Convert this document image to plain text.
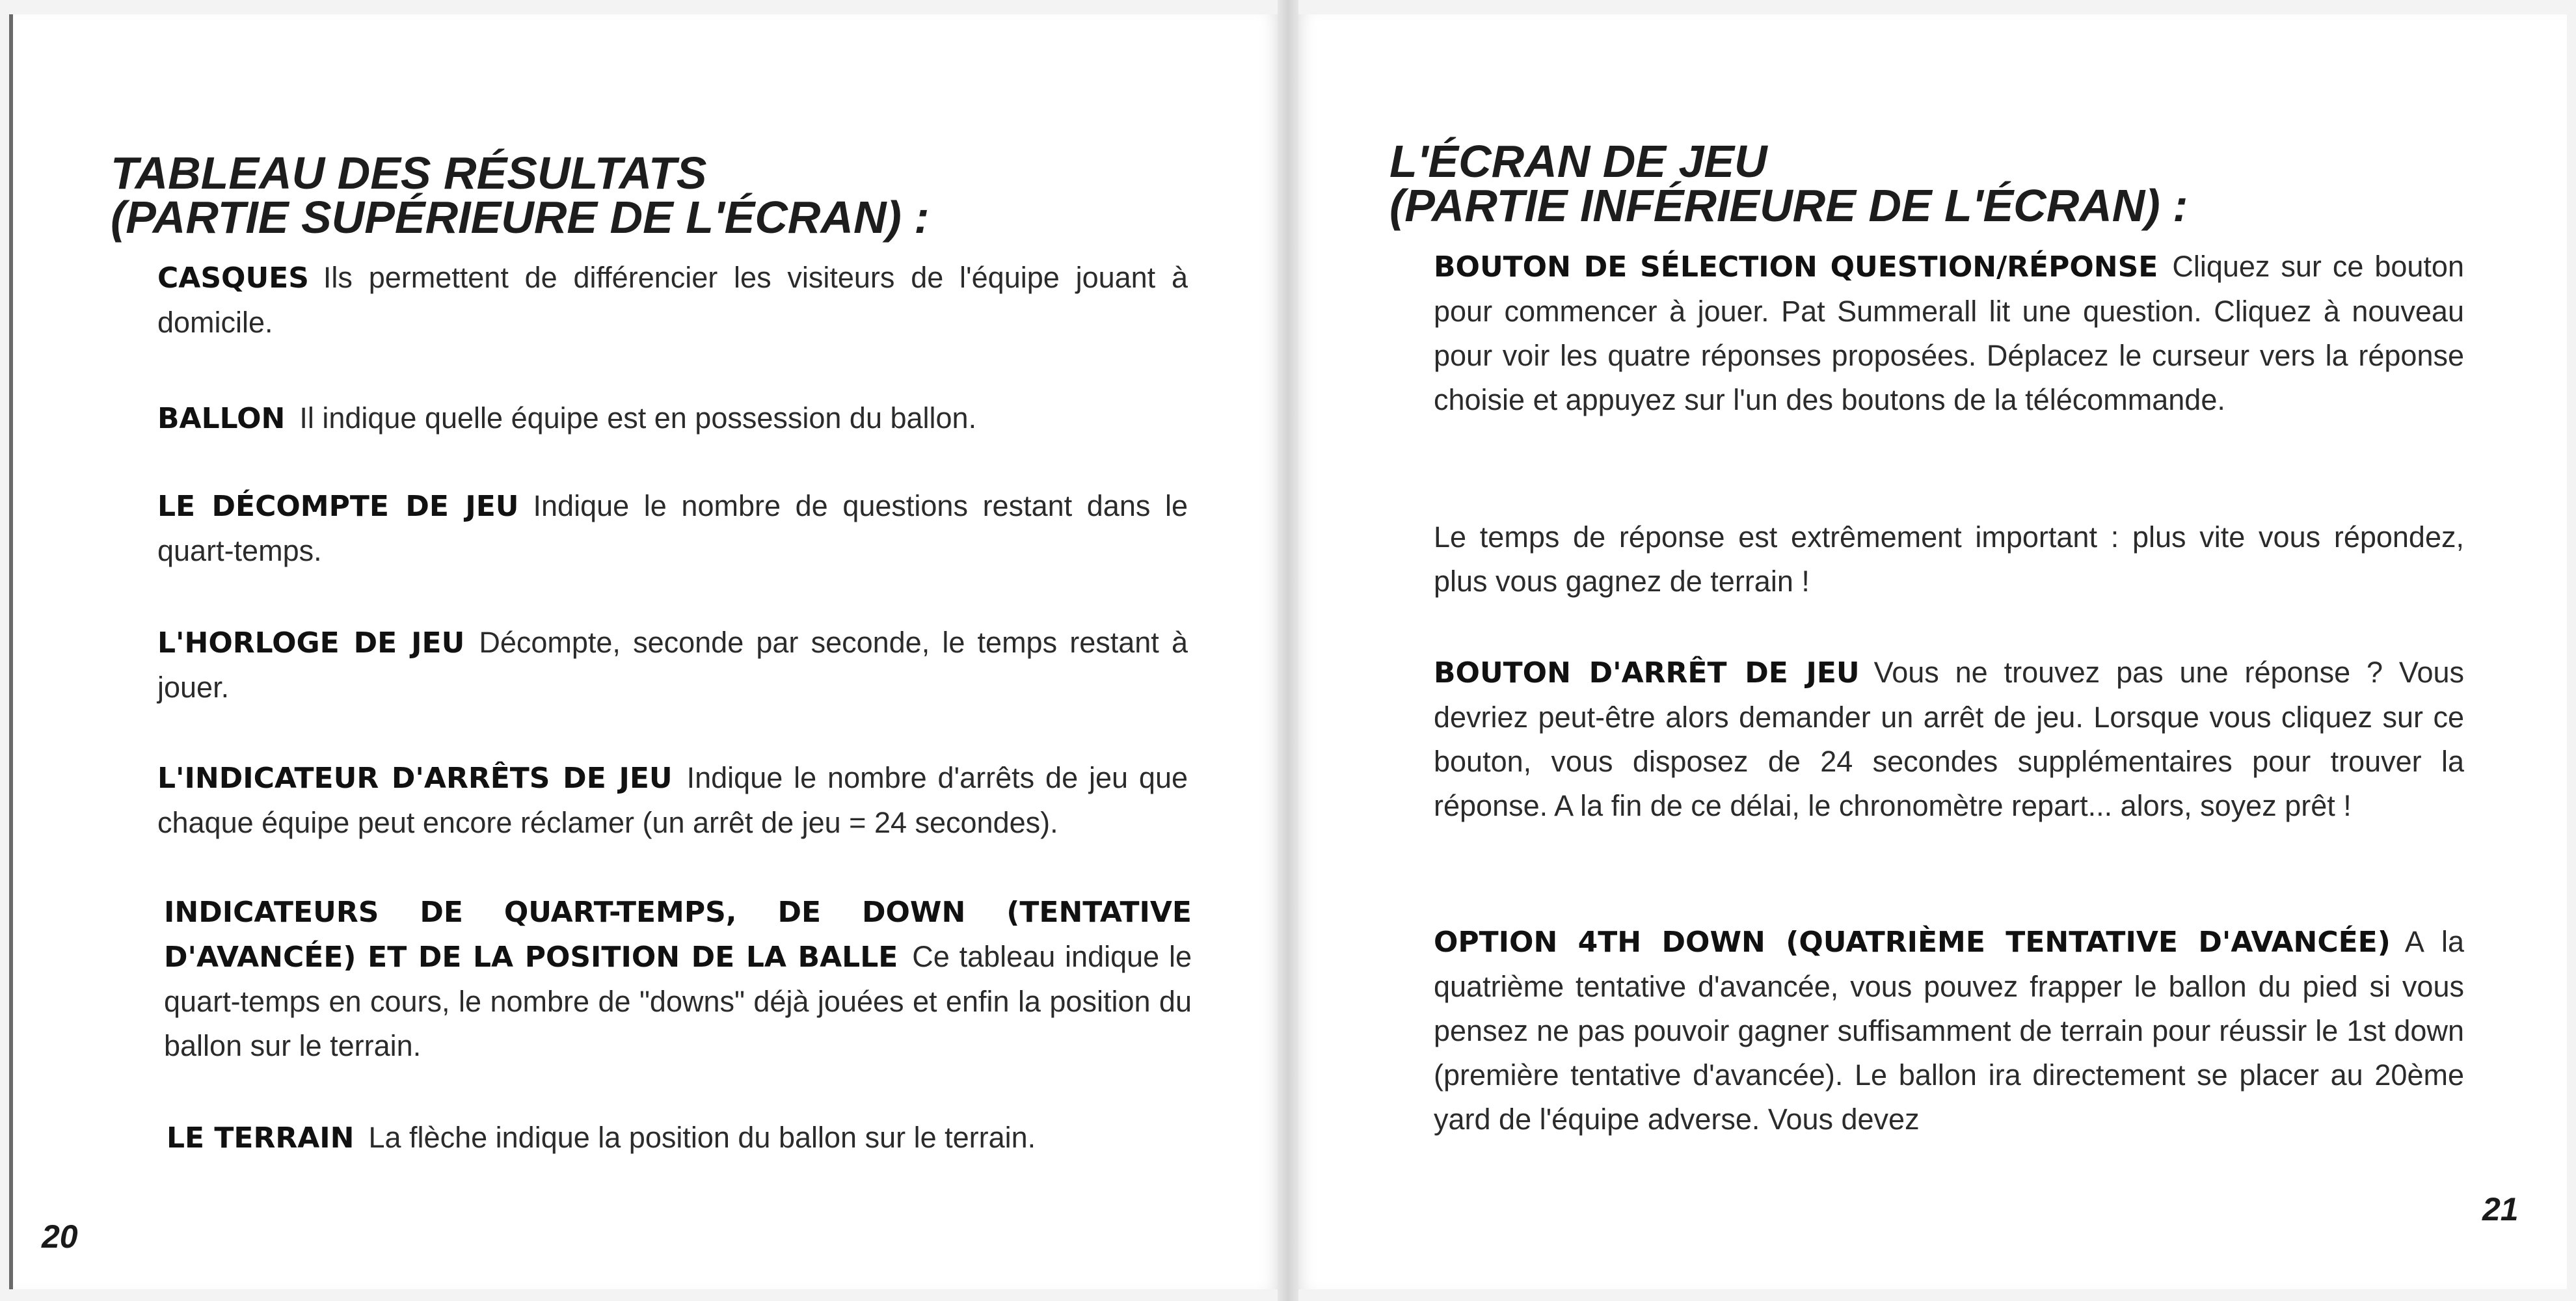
TABLEAU DES RÉSULTATS
(PARTIE SUPÉRIEURE DE L'ÉCRAN) :

CASQUES Ils permettent de différencier les visiteurs de l'équipe jouant à domicile.

BALLON Il indique quelle équipe est en possession du ballon.

LE DÉCOMPTE DE JEU Indique le nombre de questions restant dans le quart-temps.

L'HORLOGE DE JEU Décompte, seconde par seconde, le temps restant à jouer.

L'INDICATEUR D'ARRÊTS DE JEU Indique le nombre d'arrêts de jeu que chaque équipe peut encore réclamer (un arrêt de jeu = 24 secondes).

INDICATEURS DE QUART-TEMPS, DE DOWN (TENTATIVE D'AVANCÉE) ET DE LA POSITION DE LA BALLE Ce tableau indique le quart-temps en cours, le nombre de "downs" déjà jouées et enfin la position du ballon sur le terrain.

LE TERRAIN La flèche indique la position du ballon sur le terrain.

20
L'ÉCRAN DE JEU
(PARTIE INFÉRIEURE DE L'ÉCRAN) :

BOUTON DE SÉLECTION QUESTION/RÉPONSE Cliquez sur ce bouton pour commencer à jouer. Pat Summerall lit une question. Cliquez à nouveau pour voir les quatre réponses proposées. Déplacez le curseur vers la réponse choisie et appuyez sur l'un des boutons de la télécommande.

Le temps de réponse est extrêmement important : plus vite vous répondez, plus vous gagnez de terrain !

BOUTON D'ARRÊT DE JEU Vous ne trouvez pas une réponse ? Vous devriez peut-être alors demander un arrêt de jeu. Lorsque vous cliquez sur ce bouton, vous disposez de 24 secondes supplémentaires pour trouver la réponse. A la fin de ce délai, le chronomètre repart... alors, soyez prêt !

OPTION 4TH DOWN (QUATRIÈME TENTATIVE D'AVANCÉE) A la quatrième tentative d'avancée, vous pouvez frapper le ballon du pied si vous pensez ne pas pouvoir gagner suffisamment de terrain pour réussir le 1st down (première tentative d'avancée). Le ballon ira directement se placer au 20ème yard de l'équipe adverse. Vous devez

21
